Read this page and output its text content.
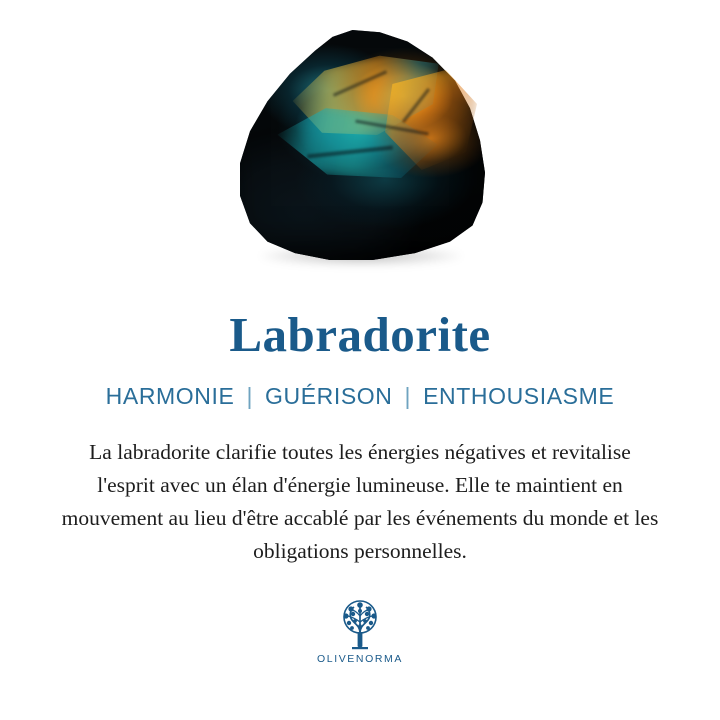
Labradorite
HARMONIE | GUÉRISON | ENTHOUSIASME
La labradorite clarifie toutes les énergies négatives et revitalise l'esprit avec un élan d'énergie lumineuse. Elle te maintient en mouvement au lieu d'être accablé par les événements du monde et les obligations personnelles.
OLIVENORMA
